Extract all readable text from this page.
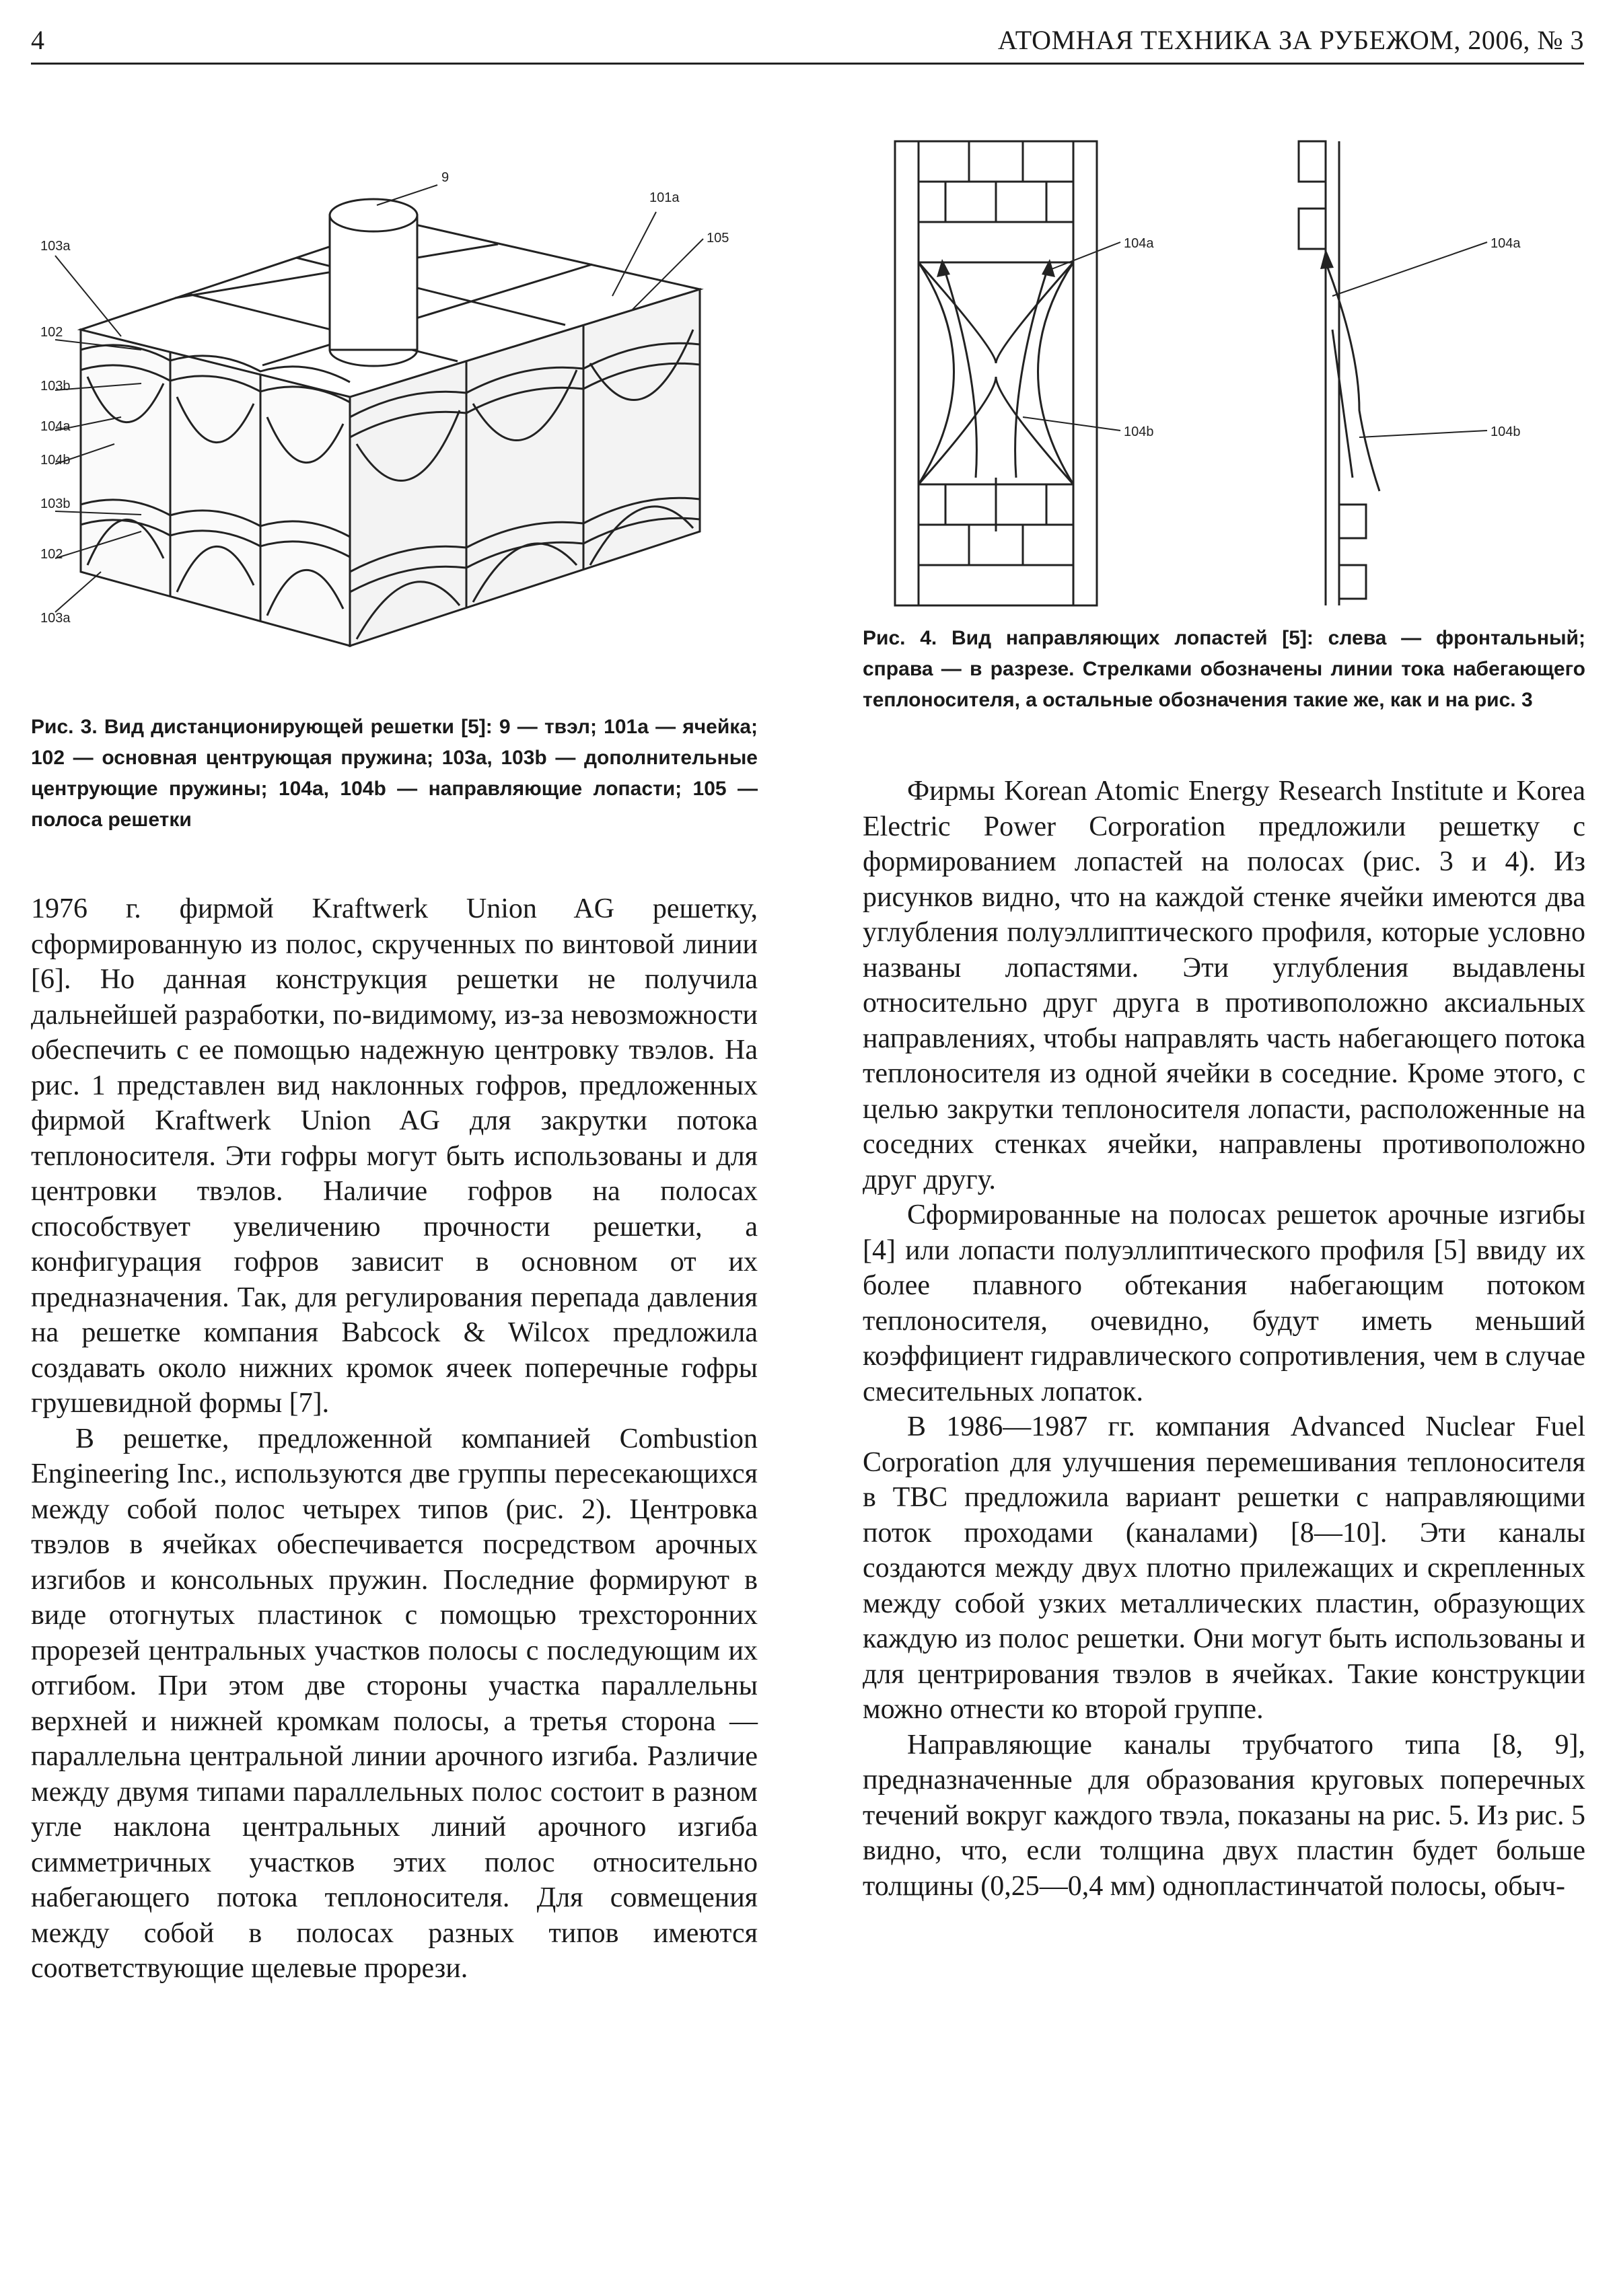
4	АТОМНАЯ ТЕХНИКА ЗА РУБЕЖОМ, 2006, № 3
9
101a
103a
105
102
103b
104a
104b
103b
102
103a

Рис. 3. Вид дистанционирующей решетки [5]: 9 — твэл; 101a — ячейка; 102 — основная центрующая пружина; 103a, 103b — дополнительные центрующие пружины; 104a, 104b — направляющие лопасти; 105 — полоса решетки

104a
104b
104a
104b

Рис. 4. Вид направляющих лопастей [5]: слева — фронтальный; справа — в разрезе. Стрелками обозначены линии тока набегающего теплоносителя, а остальные обозначения такие же, как и на рис. 3

1976 г. фирмой Kraftwerk Union AG решетку, сформированную из полос, скрученных по винтовой линии [6]. Но данная конструкция решетки не получила дальнейшей разработки, по-видимому, из-за невозможности обеспечить с ее помощью надежную центровку твэлов. На рис. 1 представлен вид наклонных гофров, предложенных фирмой Kraftwerk Union AG для закрутки потока теплоносителя. Эти гофры могут быть использованы и для центровки твэлов. Наличие гофров на полосах способствует увеличению прочности решетки, а конфигурация гофров зависит в основном от их предназначения. Так, для регулирования перепада давления на решетке компания Babcock & Wilcox предложила создавать около нижних кромок ячеек поперечные гофры грушевидной формы [7].

В решетке, предложенной компанией Combustion Engineering Inc., используются две группы пересекающихся между собой полос четырех типов (рис. 2). Центровка твэлов в ячейках обеспечивается посредством арочных изгибов и консольных пружин. Последние формируют в виде отогнутых пластинок с помощью трехсторонних прорезей центральных участков полосы с последующим их отгибом. При этом две стороны участка параллельны верхней и нижней кромкам полосы, а третья сторона — параллельна центральной линии арочного изгиба. Различие между двумя типами параллельных полос состоит в разном угле наклона центральных линий арочного изгиба симметричных участков этих полос относительно набегающего потока теплоносителя. Для совмещения между собой в полосах разных типов имеются соответствующие щелевые прорези.

Фирмы Korean Atomic Energy Research Institute и Korea Electric Power Corporation предложили решетку с формированием лопастей на полосах (рис. 3 и 4). Из рисунков видно, что на каждой стенке ячейки имеются два углубления полуэллиптического профиля, которые условно названы лопастями. Эти углубления выдавлены относительно друг друга в противоположно аксиальных направлениях, чтобы направлять часть набегающего потока теплоносителя из одной ячейки в соседние. Кроме этого, с целью закрутки теплоносителя лопасти, расположенные на соседних стенках ячейки, направлены противоположно друг другу.

Сформированные на полосах решеток арочные изгибы [4] или лопасти полуэллиптического профиля [5] ввиду их более плавного обтекания набегающим потоком теплоносителя, очевидно, будут иметь меньший коэффициент гидравлического сопротивления, чем в случае смесительных лопаток.

В 1986—1987 гг. компания Advanced Nuclear Fuel Corporation для улучшения перемешивания теплоносителя в ТВС предложила вариант решетки с направляющими поток проходами (каналами) [8—10]. Эти каналы создаются между двух плотно прилежащих и скрепленных между собой узких металлических пластин, образующих каждую из полос решетки. Они могут быть использованы и для центрирования твэлов в ячейках. Такие конструкции можно отнести ко второй группе.

Направляющие каналы трубчатого типа [8, 9], предназначенные для образования круговых поперечных течений вокруг каждого твэла, показаны на рис. 5. Из рис. 5 видно, что, если толщина двух пластин будет больше толщины (0,25—0,4 мм) однопластинчатой полосы, обыч-
